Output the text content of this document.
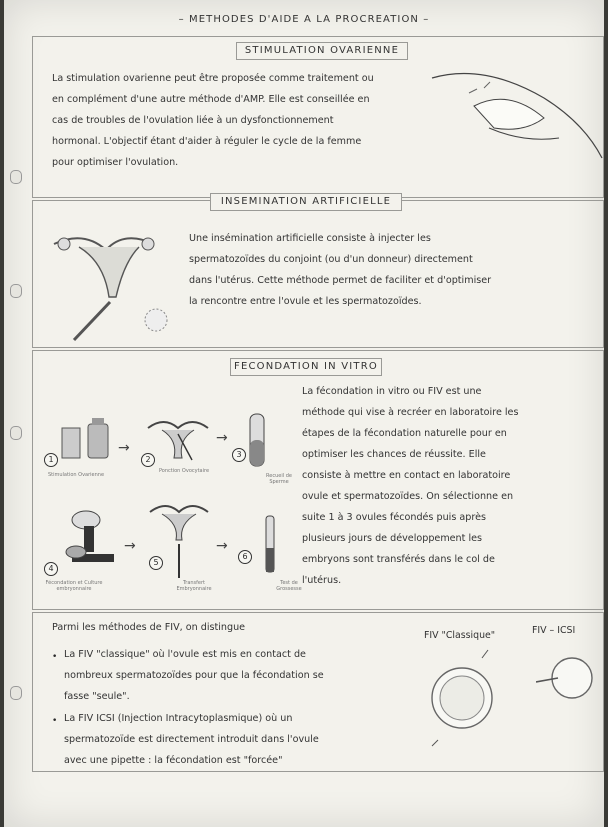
– METHODES D'AIDE A LA PROCREATION –
STIMULATION OVARIENNE
La stimulation ovarienne peut être proposée comme traitement ou
en complément d'une autre méthode d'AMP. Elle est conseillée en
cas de troubles de l'ovulation liée à un dysfonctionnement
hormonal. L'objectif étant d'aider à réguler le cycle de la femme
pour optimiser l'ovulation.
INSEMINATION ARTIFICIELLE
Une insémination artificielle consiste à injecter les
spermatozoïdes du conjoint (ou d'un donneur) directement
dans l'utérus. Cette méthode permet de faciliter et d'optimiser
la rencontre entre l'ovule et les spermatozoïdes.
FECONDATION IN VITRO
La fécondation in vitro ou FIV est une
méthode qui vise à recréer en laboratoire les
étapes de la fécondation naturelle pour en
optimiser les chances de réussite. Elle
consiste à mettre en contact en laboratoire
ovule et spermatozoïdes. On sélectionne en
suite 1 à 3 ovules fécondés puis après
plusieurs jours de développement les
embryons sont transférés dans le col de
l'utérus.
1
Stimulation Ovarienne
→
2
Ponction Ovocytaire
→
3
Recueil de Sperme
4
Fécondation et Culture embryonnaire
→
5
Transfert Embryonnaire
→
6
Test de Grossesse
Parmi les méthodes de FIV, on distingue
FIV "Classique"	FIV – ICSI
La FIV "classique" où l'ovule est mis en contact de
nombreux spermatozoïdes pour que la fécondation se
fasse "seule".
•
La FIV ICSI (Injection Intracytoplasmique) où un
spermatozoïde est directement introduit dans l'ovule
avec une pipette : la fécondation est "forcée"
•
